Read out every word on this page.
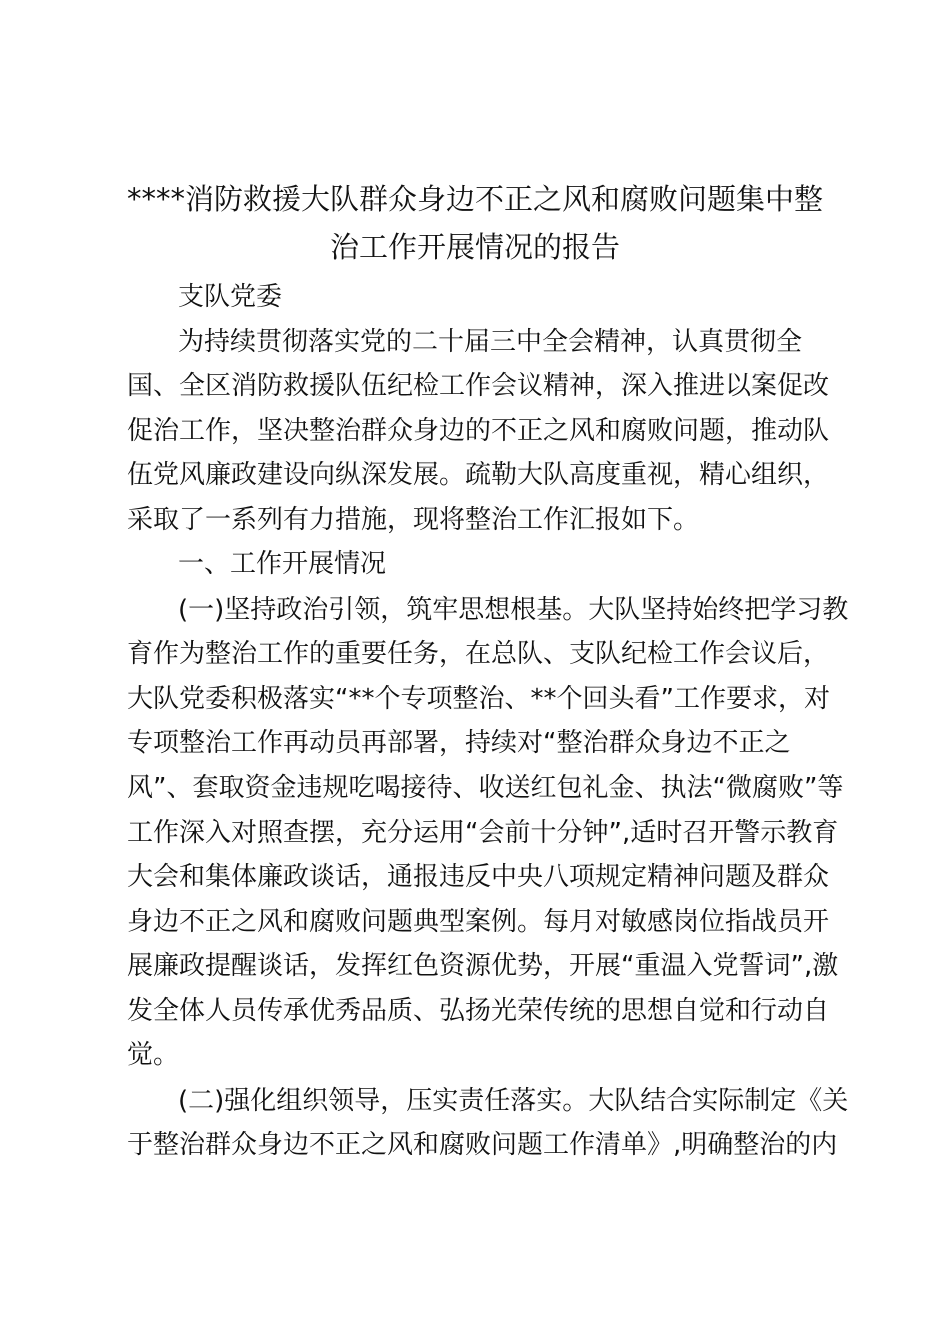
****消防救援大队群众身边不正之风和腐败问题集中整
治工作开展情况的报告

支队党委

为持续贯彻落实党的二十届三中全会精神，认真贯彻全

国、全区消防救援队伍纪检工作会议精神，深入推进以案促改

促治工作，坚决整治群众身边的不正之风和腐败问题，推动队

伍党风廉政建设向纵深发展。疏勒大队高度重视，精心组织，

采取了一系列有力措施，现将整治工作汇报如下。

一、工作开展情况

(一)坚持政治引领，筑牢思想根基。大队坚持始终把学习教

育作为整治工作的重要任务，在总队、支队纪检工作会议后，

大队党委积极落实“**个专项整治、**个回头看”工作要求，对

专项整治工作再动员再部署，持续对“整治群众身边不正之

风”、套取资金违规吃喝接待、收送红包礼金、执法“微腐败”等

工作深入对照查摆，充分运用“会前十分钟”,适时召开警示教育

大会和集体廉政谈话，通报违反中央八项规定精神问题及群众

身边不正之风和腐败问题典型案例。每月对敏感岗位指战员开

展廉政提醒谈话，发挥红色资源优势，开展“重温入党誓词”,激

发全体人员传承优秀品质、弘扬光荣传统的思想自觉和行动自

觉。

(二)强化组织领导，压实责任落实。大队结合实际制定《关

于整治群众身边不正之风和腐败问题工作清单》,明确整治的内
